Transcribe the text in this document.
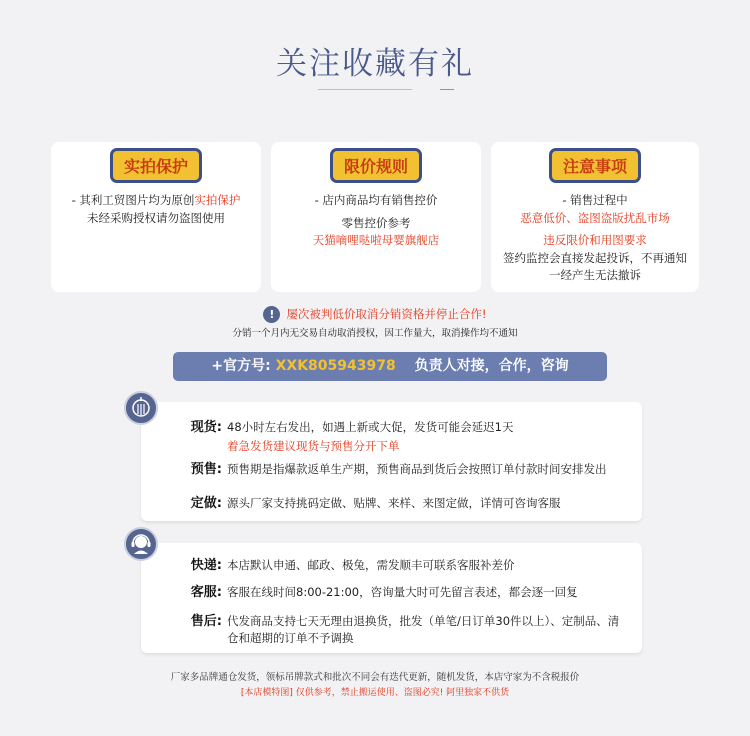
关注收藏有礼
实拍保护
- 其利工贸图片均为原创实拍保护
未经采购授权请勿盗图使用
限价规则
- 店内商品均有销售控价
零售控价参考
天猫嘀哩哒啦母婴旗舰店
注意事项
- 销售过程中
恶意低价、盗图盗版扰乱市场
违反限价和用图要求
签约监控会直接发起投诉，不再通知
一经产生无法撤诉
! 屡次被判低价取消分销资格并停止合作!
分销一个月内无交易自动取消授权，因工作量大，取消操作均不通知
+官方号: XXK805943978 负责人对接，合作，咨询
现货: 48小时左右发出，如遇上新或大促，发货可能会延迟1天
着急发货建议现货与预售分开下单
预售: 预售期是指爆款返单生产期，预售商品到货后会按照订单付款时间安排发出
定做: 源头厂家支持挑码定做、贴牌、来样、来图定做，详情可咨询客服
快递: 本店默认申通、邮政、极兔，需发顺丰可联系客服补差价
客服: 客服在线时间8:00-21:00，咨询量大时可先留言表述，都会逐一回复
售后: 代发商品支持七天无理由退换货，批发（单笔/日订单30件以上）、定制品、清仓和超期的订单不予调换
厂家多品牌通仓发货，领标吊牌款式和批次不同会有迭代更新，随机发货，本店守家为不含税报价
[本店模特图] 仅供参考，禁止搬运使用、盗图必究! 阿里独家不供货
